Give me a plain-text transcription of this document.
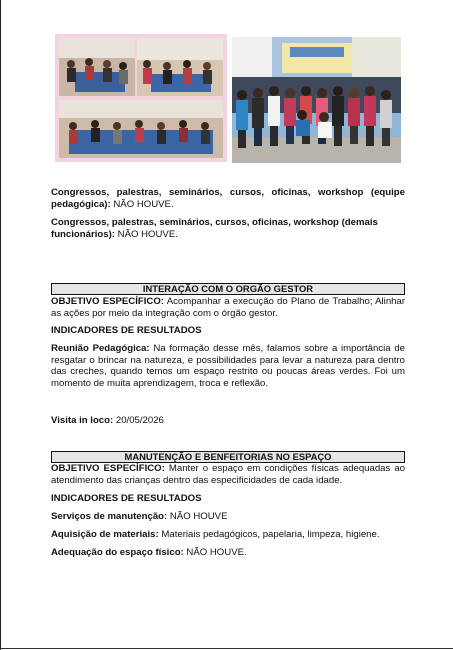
Congressos, palestras, seminários, cursos, oficinas, workshop (equipe pedagógica): NÃO HOUVE.
Congressos, palestras, seminários, cursos, oficinas, workshop (demais funcionários): NÃO HOUVE.
INTERAÇÃO COM O ORGÃO GESTOR
OBJETIVO ESPECÍFICO: Acompanhar a execução do Plano de Trabalho; Alinhar as ações por meio da integração com o órgão gestor.
INDICADORES DE RESULTADOS
Reunião Pedagógica: Na formação desse mês, falamos sobre a importância de resgatar o brincar na natureza, e possibilidades para levar a natureza para dentro das creches, quando temos um espaço restrito ou poucas áreas verdes. Foi um momento de muita aprendizagem, troca e reflexão.
Visita in loco: 20/05/2026
MANUTENÇÃO E BENFEITORIAS NO ESPAÇO
OBJETIVO ESPECÍFICO: Manter o espaço em condições físicas adequadas ao atendimento das crianças dentro das especificidades de cada idade.
INDICADORES DE RESULTADOS
Serviços de manutenção: NÃO HOUVE
Aquisição de materiais: Materiais pedagógicos, papelaria, limpeza, higiene.
Adequação do espaço físico: NÃO HOUVE.
